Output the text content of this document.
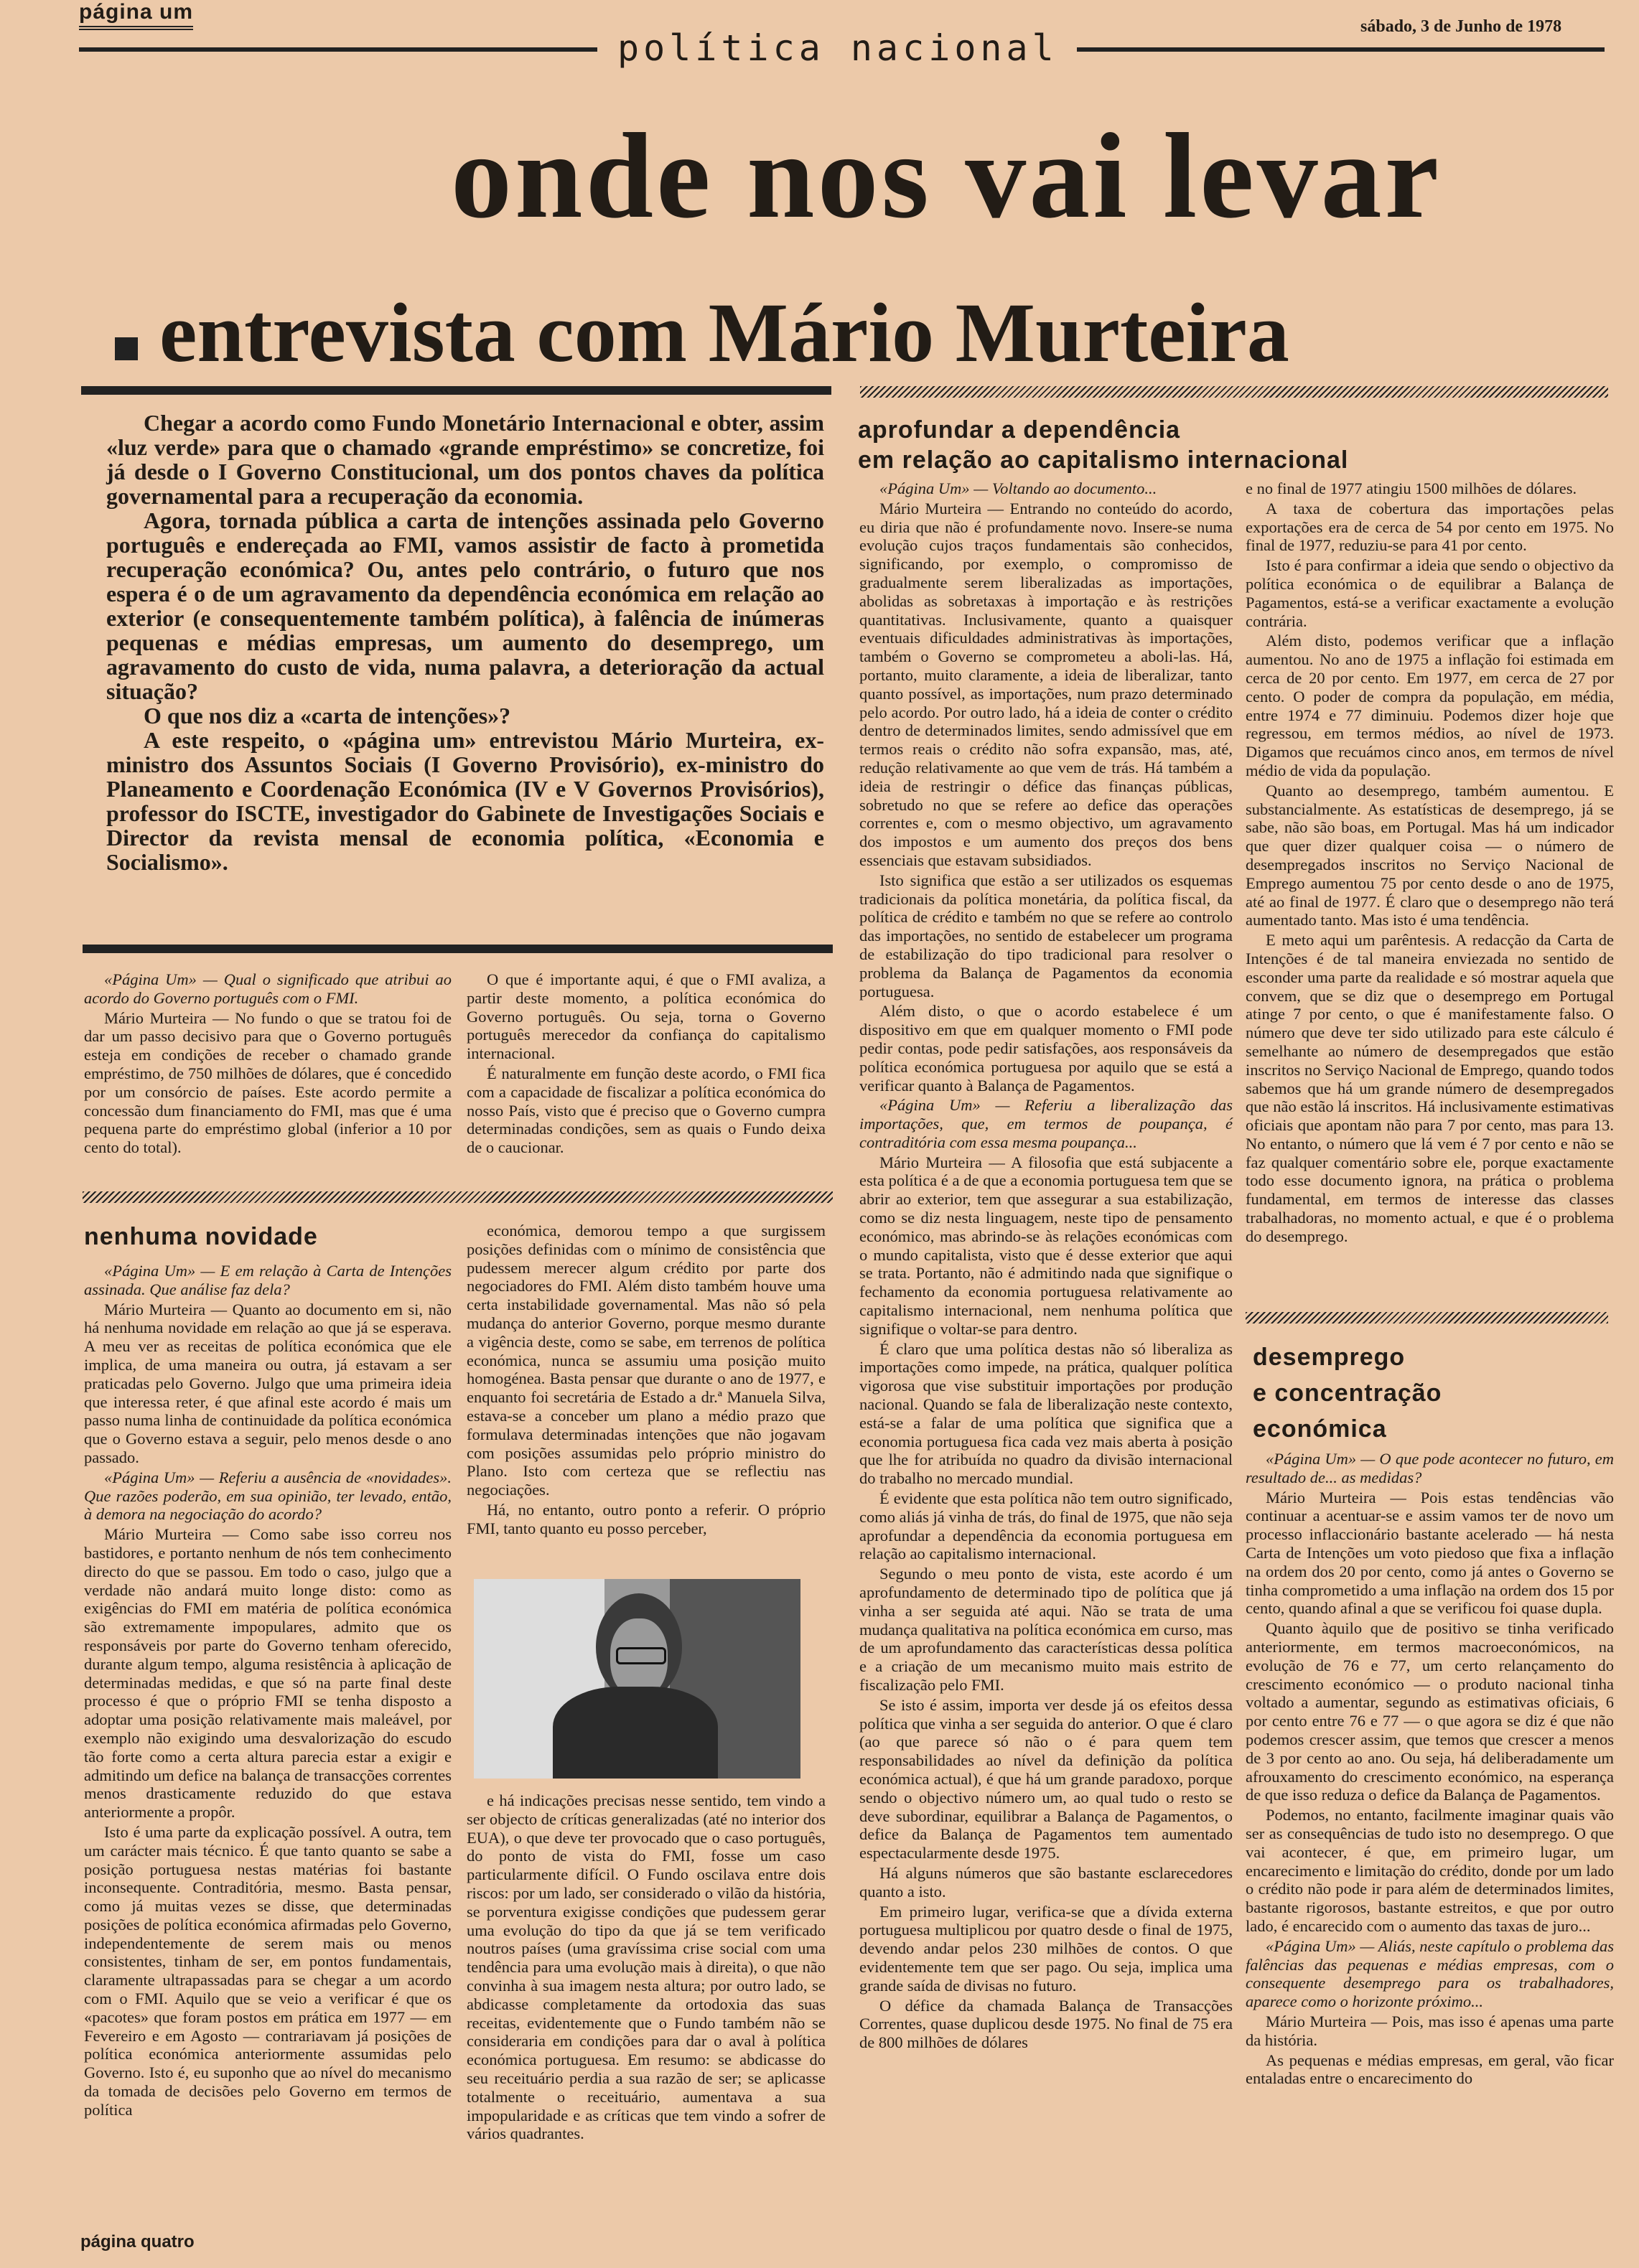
página um
política nacional
sábado, 3 de Junho de 1978
onde nos vai levar
entrevista com Mário Murteira

Chegar a acordo como Fundo Monetário Internacional e obter, assim «luz verde» para que o chamado «grande empréstimo» se concretize, foi já desde o I Governo Constitucional, um dos pontos chaves da política governamental para a recuperação da economia.

Agora, tornada pública a carta de intenções assinada pelo Governo português e endereçada ao FMI, vamos assistir de facto à prometida recuperação económica? Ou, antes pelo contrário, o futuro que nos espera é o de um agravamento da dependência económica em relação ao exterior (e consequentemente também política), à falência de inúmeras pequenas e médias empresas, um aumento do desemprego, um agravamento do custo de vida, numa palavra, a deterioração da actual situação?

O que nos diz a «carta de intenções»?

A este respeito, o «página um» entrevistou Mário Murteira, ex-ministro dos Assuntos Sociais (I Governo Provisório), ex-ministro do Planeamento e Coordenação Económica (IV e V Governos Provisórios), professor do ISCTE, investigador do Gabinete de Investigações Sociais e Director da revista mensal de economia política, «Economia e Socialismo».

«Página Um» — Qual o significado que atribui ao acordo do Governo português com o FMI.

Mário Murteira — No fundo o que se tratou foi de dar um passo decisivo para que o Governo português esteja em condições de receber o chamado grande empréstimo, de 750 milhões de dólares, que é concedido por um consórcio de países. Este acordo permite a concessão dum financiamento do FMI, mas que é uma pequena parte do empréstimo global (inferior a 10 por cento do total).

O que é importante aqui, é que o FMI avaliza, a partir deste momento, a política económica do Governo português. Ou seja, torna o Governo português merecedor da confiança do capitalismo internacional.

É naturalmente em função deste acordo, o FMI fica com a capacidade de fiscalizar a política económica do nosso País, visto que é preciso que o Governo cumpra determinadas condições, sem as quais o Fundo deixa de o caucionar.

nenhuma novidade

«Página Um» — E em relação à Carta de Intenções assinada. Que análise faz dela?

Mário Murteira — Quanto ao documento em si, não há nenhuma novidade em relação ao que já se esperava. A meu ver as receitas de política económica que ele implica, de uma maneira ou outra, já estavam a ser praticadas pelo Governo. Julgo que uma primeira ideia que interessa reter, é que afinal este acordo é mais um passo numa linha de continuidade da política económica que o Governo estava a seguir, pelo menos desde o ano passado.

«Página Um» — Referiu a ausência de «novidades». Que razões poderão, em sua opinião, ter levado, então, à demora na negociação do acordo?

Mário Murteira — Como sabe isso correu nos bastidores, e portanto nenhum de nós tem conhecimento directo do que se passou. Em todo o caso, julgo que a verdade não andará muito longe disto: como as exigências do FMI em matéria de política económica são extremamente impopulares, admito que os responsáveis por parte do Governo tenham oferecido, durante algum tempo, alguma resistência à aplicação de determinadas medidas, e que só na parte final deste processo é que o próprio FMI se tenha disposto a adoptar uma posição relativamente mais maleável, por exemplo não exigindo uma desvalorização do escudo tão forte como a certa altura parecia estar a exigir e admitindo um defice na balança de transacções correntes menos drasticamente reduzido do que estava anteriormente a propôr.

Isto é uma parte da explicação possível. A outra, tem um carácter mais técnico. É que tanto quanto se sabe a posição portuguesa nestas matérias foi bastante inconsequente. Contraditória, mesmo. Basta pensar, como já muitas vezes se disse, que determinadas posições de política económica afirmadas pelo Governo, independentemente de serem mais ou menos consistentes, tinham de ser, em pontos fundamentais, claramente ultrapassadas para se chegar a um acordo com o FMI. Aquilo que se veio a verificar é que os «pacotes» que foram postos em prática em 1977 — em Fevereiro e em Agosto — contrariavam já posições de política económica anteriormente assumidas pelo Governo. Isto é, eu suponho que ao nível do mecanismo da tomada de decisões pelo Governo em termos de política

económica, demorou tempo a que surgissem posições definidas com o mínimo de consistência que pudessem merecer algum crédito por parte dos negociadores do FMI. Além disto também houve uma certa instabilidade governamental. Mas não só pela mudança do anterior Governo, porque mesmo durante a vigência deste, como se sabe, em terrenos de política económica, nunca se assumiu uma posição muito homogénea. Basta pensar que durante o ano de 1977, e enquanto foi secretária de Estado a dr.ª Manuela Silva, estava-se a conceber um plano a médio prazo que formulava determinadas intenções que não jogavam com posições assumidas pelo próprio ministro do Plano. Isto com certeza que se reflectiu nas negociações.

Há, no entanto, outro ponto a referir. O próprio FMI, tanto quanto eu posso perceber,

e há indicações precisas nesse sentido, tem vindo a ser objecto de críticas generalizadas (até no interior dos EUA), o que deve ter provocado que o caso português, do ponto de vista do FMI, fosse um caso particularmente difícil. O Fundo oscilava entre dois riscos: por um lado, ser considerado o vilão da história, se porventura exigisse condições que pudessem gerar uma evolução do tipo da que já se tem verificado noutros países (uma gravíssima crise social com uma tendência para uma evolução mais à direita), o que não convinha à sua imagem nesta altura; por outro lado, se abdicasse completamente da ortodoxia das suas receitas, evidentemente que o Fundo também não se consideraria em condições para dar o aval à política económica portuguesa. Em resumo: se abdicasse do seu receituário perdia a sua razão de ser; se aplicasse totalmente o receituário, aumentava a sua impopularidade e as críticas que tem vindo a sofrer de vários quadrantes.

aprofundar a dependência
em relação ao capitalismo internacional

«Página Um» — Voltando ao documento...

Mário Murteira — Entrando no conteúdo do acordo, eu diria que não é profundamente novo. Insere-se numa evolução cujos traços fundamentais são conhecidos, significando, por exemplo, o compromisso de gradualmente serem liberalizadas as importações, abolidas as sobretaxas à importação e às restrições quantitativas. Inclusivamente, quanto a quaisquer eventuais dificuldades administrativas às importações, também o Governo se comprometeu a aboli-las. Há, portanto, muito claramente, a ideia de liberalizar, tanto quanto possível, as importações, num prazo determinado pelo acordo. Por outro lado, há a ideia de conter o crédito dentro de determinados limites, sendo admissível que em termos reais o crédito não sofra expansão, mas, até, redução relativamente ao que vem de trás. Há também a ideia de restringir o défice das finanças públicas, sobretudo no que se refere ao defice das operações correntes e, com o mesmo objectivo, um agravamento dos impostos e um aumento dos preços dos bens essenciais que estavam subsidiados.

Isto significa que estão a ser utilizados os esquemas tradicionais da política monetária, da política fiscal, da política de crédito e também no que se refere ao controlo das importações, no sentido de estabelecer um programa de estabilização do tipo tradicional para resolver o problema da Balança de Pagamentos da economia portuguesa.

Além disto, o que o acordo estabelece é um dispositivo em que em qualquer momento o FMI pode pedir contas, pode pedir satisfações, aos responsáveis da política económica portuguesa por aquilo que se está a verificar quanto à Balança de Pagamentos.

«Página Um» — Referiu a liberalização das importações, que, em termos de poupança, é contraditória com essa mesma poupança...

Mário Murteira — A filosofia que está subjacente a esta política é a de que a economia portuguesa tem que se abrir ao exterior, tem que assegurar a sua estabilização, como se diz nesta linguagem, neste tipo de pensamento económico, mas abrindo-se às relações económicas com o mundo capitalista, visto que é desse exterior que aqui se trata. Portanto, não é admitindo nada que signifique o fechamento da economia portuguesa relativamente ao capitalismo internacional, nem nenhuma política que signifique o voltar-se para dentro.

É claro que uma política destas não só liberaliza as importações como impede, na prática, qualquer política vigorosa que vise substituir importações por produção nacional. Quando se fala de liberalização neste contexto, está-se a falar de uma política que significa que a economia portuguesa fica cada vez mais aberta à posição que lhe for atribuída no quadro da divisão internacional do trabalho no mercado mundial.

É evidente que esta política não tem outro significado, como aliás já vinha de trás, do final de 1975, que não seja aprofundar a dependência da economia portuguesa em relação ao capitalismo internacional.

Segundo o meu ponto de vista, este acordo é um aprofundamento de determinado tipo de política que já vinha a ser seguida até aqui. Não se trata de uma mudança qualitativa na política económica em curso, mas de um aprofundamento das características dessa política e a criação de um mecanismo muito mais estrito de fiscalização pelo FMI.

Se isto é assim, importa ver desde já os efeitos dessa política que vinha a ser seguida do anterior. O que é claro (ao que parece só não o é para quem tem responsabilidades ao nível da definição da política económica actual), é que há um grande paradoxo, porque sendo o objectivo número um, ao qual tudo o resto se deve subordinar, equilibrar a Balança de Pagamentos, o defice da Balança de Pagamentos tem aumentado espectacularmente desde 1975.

Há alguns números que são bastante esclarecedores quanto a isto.

Em primeiro lugar, verifica-se que a dívida externa portuguesa multiplicou por quatro desde o final de 1975, devendo andar pelos 230 milhões de contos. O que evidentemente tem que ser pago. Ou seja, implica uma grande saída de divisas no futuro.

O défice da chamada Balança de Transacções Correntes, quase duplicou desde 1975. No final de 75 era de 800 milhões de dólares

e no final de 1977 atingiu 1500 milhões de dólares.

A taxa de cobertura das importações pelas exportações era de cerca de 54 por cento em 1975. No final de 1977, reduziu-se para 41 por cento.

Isto é para confirmar a ideia que sendo o objectivo da política económica o de equilibrar a Balança de Pagamentos, está-se a verificar exactamente a evolução contrária.

Além disto, podemos verificar que a inflação aumentou. No ano de 1975 a inflação foi estimada em cerca de 20 por cento. Em 1977, em cerca de 27 por cento. O poder de compra da população, em média, entre 1974 e 77 diminuiu. Podemos dizer hoje que regressou, em termos médios, ao nível de 1973. Digamos que recuámos cinco anos, em termos de nível médio de vida da população.

Quanto ao desemprego, também aumentou. E substancialmente. As estatísticas de desemprego, já se sabe, não são boas, em Portugal. Mas há um indicador que quer dizer qualquer coisa — o número de desempregados inscritos no Serviço Nacional de Emprego aumentou 75 por cento desde o ano de 1975, até ao final de 1977. É claro que o desemprego não terá aumentado tanto. Mas isto é uma tendência.

E meto aqui um parêntesis. A redacção da Carta de Intenções é de tal maneira enviezada no sentido de esconder uma parte da realidade e só mostrar aquela que convem, que se diz que o desemprego em Portugal atinge 7 por cento, o que é manifestamente falso. O número que deve ter sido utilizado para este cálculo é semelhante ao número de desempregados que estão inscritos no Serviço Nacional de Emprego, quando todos sabemos que há um grande número de desempregados que não estão lá inscritos. Há inclusivamente estimativas oficiais que apontam não para 7 por cento, mas para 13. No entanto, o número que lá vem é 7 por cento e não se faz qualquer comentário sobre ele, porque exactamente todo esse documento ignora, na prática o problema fundamental, em termos de interesse das classes trabalhadoras, no momento actual, e que é o problema do desemprego.

desemprego
e concentração
económica

«Página Um» — O que pode acontecer no futuro, em resultado de... as medidas?

Mário Murteira — Pois estas tendências vão continuar a acentuar-se e assim vamos ter de novo um processo inflaccionário bastante acelerado — há nesta Carta de Intenções um voto piedoso que fixa a inflação na ordem dos 20 por cento, como já antes o Governo se tinha comprometido a uma inflação na ordem dos 15 por cento, quando afinal a que se verificou foi quase dupla.

Quanto àquilo que de positivo se tinha verificado anteriormente, em termos macroeconómicos, na evolução de 76 e 77, um certo relançamento do crescimento económico — o produto nacional tinha voltado a aumentar, segundo as estimativas oficiais, 6 por cento entre 76 e 77 — o que agora se diz é que não podemos crescer assim, que temos que crescer a menos de 3 por cento ao ano. Ou seja, há deliberadamente um afrouxamento do crescimento económico, na esperança de que isso reduza o defice da Balança de Pagamentos.

Podemos, no entanto, facilmente imaginar quais vão ser as consequências de tudo isto no desemprego. O que vai acontecer, é que, em primeiro lugar, um encarecimento e limitação do crédito, donde por um lado o crédito não pode ir para além de determinados limites, bastante rigorosos, bastante estreitos, e que por outro lado, é encarecido com o aumento das taxas de juro...

«Página Um» — Aliás, neste capítulo o problema das falências das pequenas e médias empresas, com o consequente desemprego para os trabalhadores, aparece como o horizonte próximo...

Mário Murteira — Pois, mas isso é apenas uma parte da história.

As pequenas e médias empresas, em geral, vão ficar entaladas entre o encarecimento do

página quatro
